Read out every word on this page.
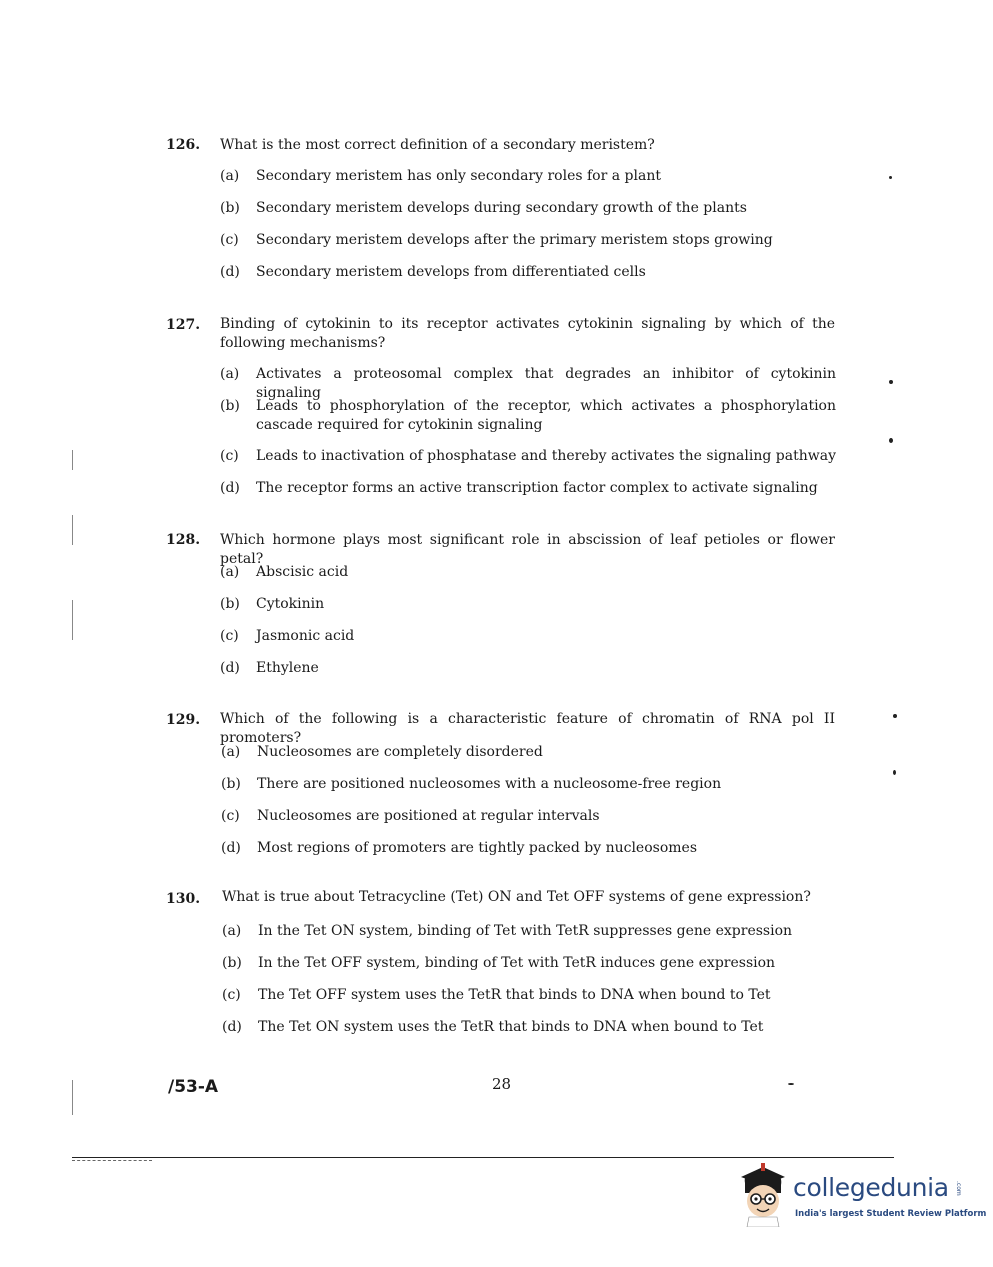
126. What is the most correct definition of a secondary meristem?
(a) Secondary meristem has only secondary roles for a plant
(b) Secondary meristem develops during secondary growth of the plants
(c) Secondary meristem develops after the primary meristem stops growing
(d) Secondary meristem develops from differentiated cells
127. Binding of cytokinin to its receptor activates cytokinin signaling by which of the following mechanisms?
(a) Activates a proteosomal complex that degrades an inhibitor of cytokinin signaling
(b) Leads to phosphorylation of the receptor, which activates a phosphorylation cascade required for cytokinin signaling
(c) Leads to inactivation of phosphatase and thereby activates the signaling pathway
(d) The receptor forms an active transcription factor complex to activate signaling
128. Which hormone plays most significant role in abscission of leaf petioles or flower petal?
(a) Abscisic acid
(b) Cytokinin
(c) Jasmonic acid
(d) Ethylene
129. Which of the following is a characteristic feature of chromatin of RNA pol II promoters?
(a) Nucleosomes are completely disordered
(b) There are positioned nucleosomes with a nucleosome-free region
(c) Nucleosomes are positioned at regular intervals
(d) Most regions of promoters are tightly packed by nucleosomes
130. What is true about Tetracycline (Tet) ON and Tet OFF systems of gene expression?
(a) In the Tet ON system, binding of Tet with TetR suppresses gene expression
(b) In the Tet OFF system, binding of Tet with TetR induces gene expression
(c) The Tet OFF system uses the TetR that binds to DNA when bound to Tet
(d) The Tet ON system uses the TetR that binds to DNA when bound to Tet
/53-A	28
collegedunia .com
India's largest Student Review Platform
